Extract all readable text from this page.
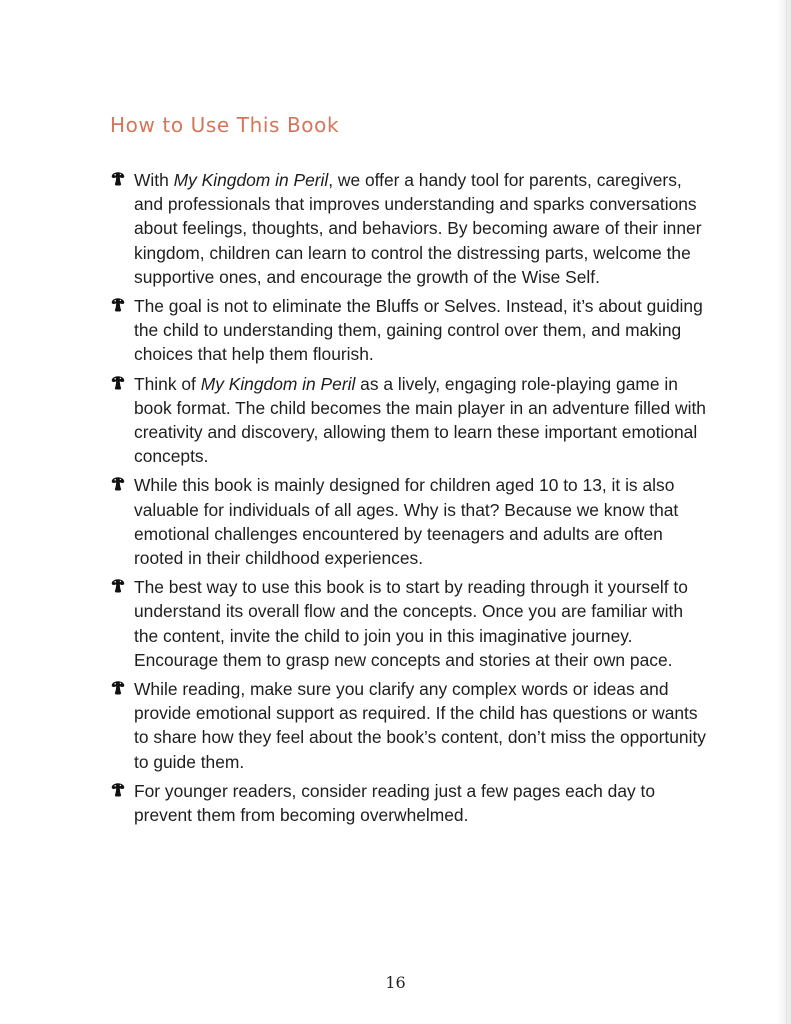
How to Use This Book
With My Kingdom in Peril, we offer a handy tool for parents, caregivers, and professionals that improves understanding and sparks conversations about feelings, thoughts, and behaviors. By becoming aware of their inner kingdom, children can learn to control the distressing parts, welcome the supportive ones, and encourage the growth of the Wise Self.
The goal is not to eliminate the Bluffs or Selves. Instead, it’s about guiding the child to understanding them, gaining control over them, and making choices that help them flourish.
Think of My Kingdom in Peril as a lively, engaging role-playing game in book format. The child becomes the main player in an adventure filled with creativity and discovery, allowing them to learn these important emotional concepts.
While this book is mainly designed for children aged 10 to 13, it is also valuable for individuals of all ages. Why is that? Because we know that emotional challenges encountered by teenagers and adults are often rooted in their childhood experiences.
The best way to use this book is to start by reading through it yourself to understand its overall flow and the concepts. Once you are familiar with the content, invite the child to join you in this imaginative journey. Encourage them to grasp new concepts and stories at their own pace.
While reading, make sure you clarify any complex words or ideas and provide emotional support as required. If the child has questions or wants to share how they feel about the book’s content, don’t miss the opportunity to guide them.
For younger readers, consider reading just a few pages each day to prevent them from becoming overwhelmed.
16
